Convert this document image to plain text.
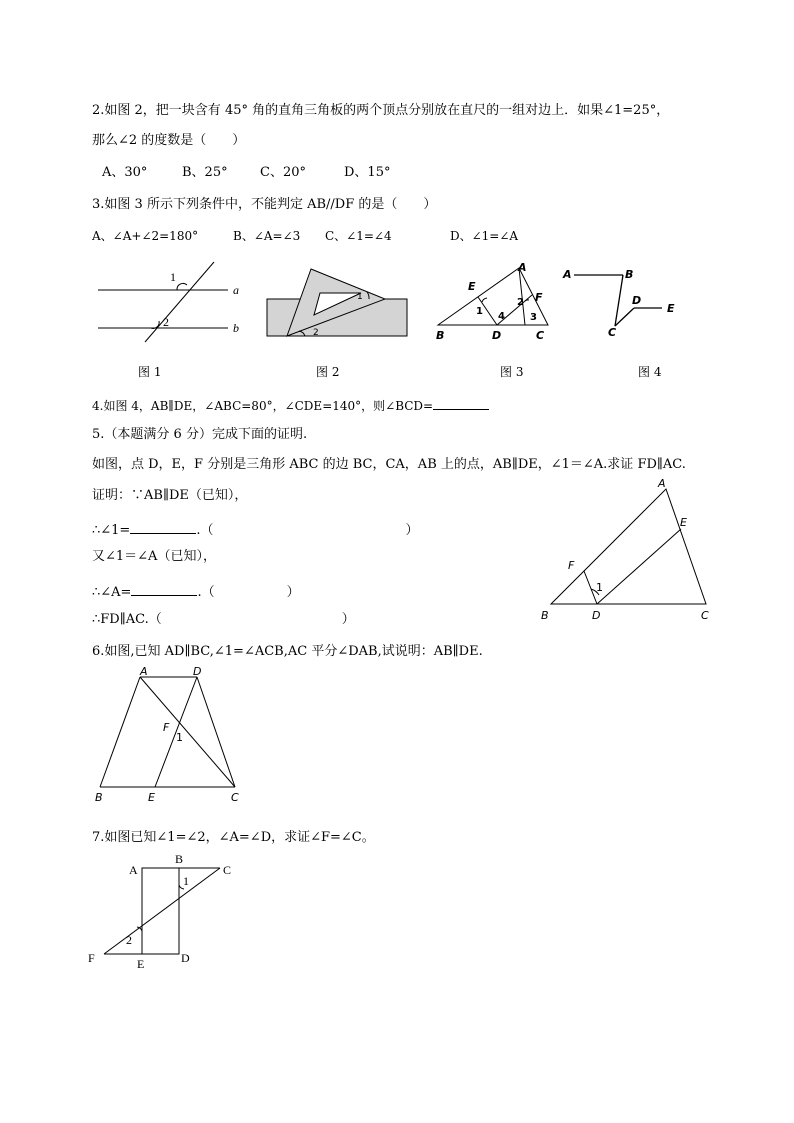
2.如图 2，把一块含有 45° 角的直角三角板的两个顶点分别放在直尺的一组对边上．如果∠1=25°，
那么∠2 的度数是（　　）
A、30°	B、25° C、20°	D、15°
3.如图 3 所示下列条件中，不能判定 AB//DF 的是（　　）
A、∠A+∠2=180°	B、∠A=∠3 C、∠1=∠4	D、∠1=∠A
1
2
a
b
图 1
1
2
图 2
E
A
F
B	D	C
1
2
3
4
图 3
A	B
D
E
C
图 4
4.如图 4，AB∥DE，∠ABC=80°，∠CDE=140°，则∠BCD=
5.（本题满分 6 分）完成下面的证明.
如图，点 D，E，F 分别是三角形 ABC 的边 BC，CA，AB 上的点，AB∥DE，∠1＝∠A.求证 FD∥AC.
证明：∵AB∥DE（已知），
∴∠1=	.（	）
又∠1＝∠A（已知），
∴∠A=	.（	）
∴FD∥AC.（	）
A
E
F
1
B	D	C
6.如图,已知 AD∥BC,∠1=∠ACB,AC 平分∠DAB,试说明：AB∥DE.
A	D
F
1
B	E	C
7.如图已知∠1=∠2，∠A=∠D，求证∠F=∠C。
A
B
C
1
2
F	E	D
